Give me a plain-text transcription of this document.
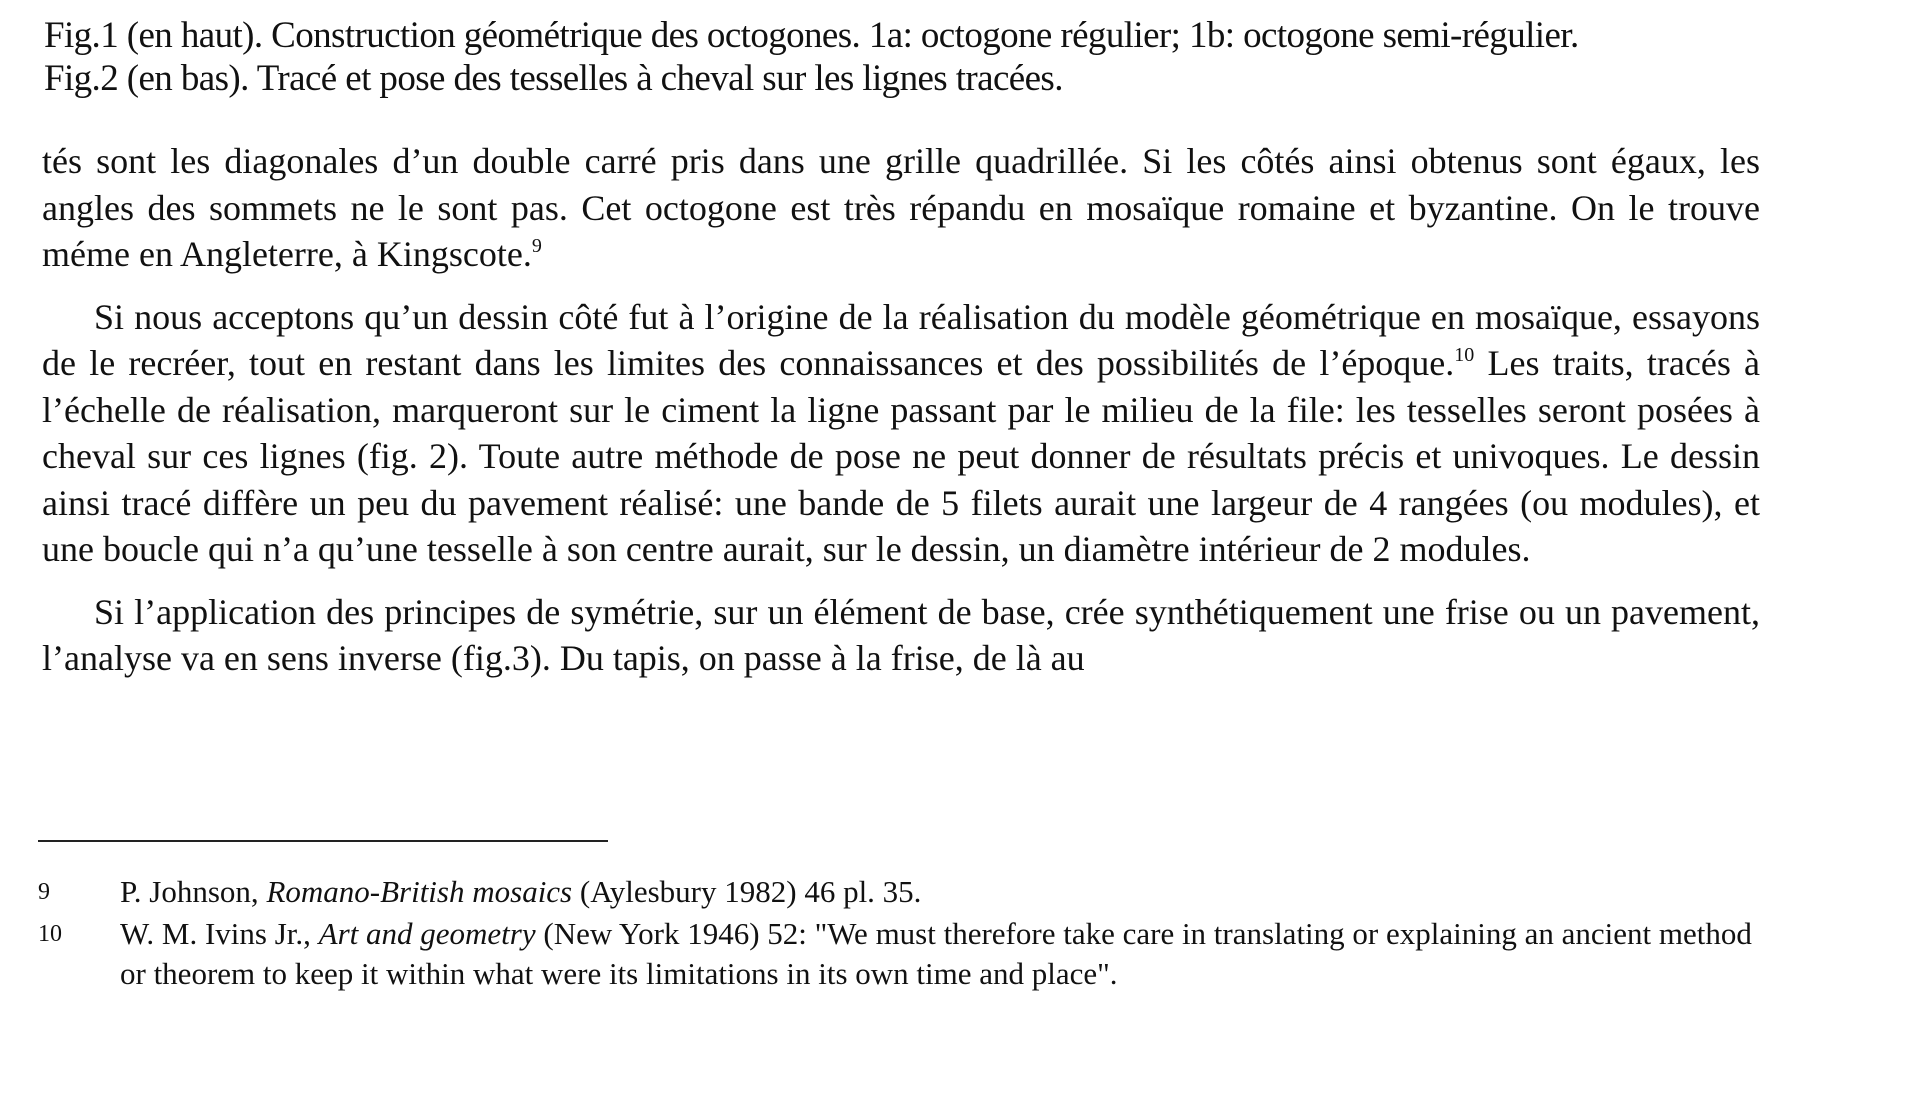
Fig.1 (en haut). Construction géométrique des octogones. 1a: octogone régulier; 1b: octogone semi-régulier.

Fig.2 (en bas). Tracé et pose des tesselles à cheval sur les lignes tracées.

tés sont les diagonales d’un double carré pris dans une grille quadrillée. Si les côtés ainsi obtenus sont égaux, les angles des sommets ne le sont pas. Cet octogone est très répandu en mosaïque romaine et byzantine. On le trouve méme en Angleterre, à Kingscote.$^9$

Si nous acceptons qu’un dessin côté fut à l’origine de la réalisation du modèle géométrique en mosaïque, essayons de le recréer, tout en restant dans les limites des connaissances et des possibilités de l’époque.$^{10}$ Les traits, tracés à l’échelle de réalisation, marqueront sur le ciment la ligne passant par le milieu de la file: les tesselles seront posées à cheval sur ces lignes (fig. 2). Toute autre méthode de pose ne peut donner de résultats précis et univoques. Le dessin ainsi tracé diffère un peu du pavement réalisé: une bande de 5 filets aurait une largeur de 4 rangées (ou modules), et une boucle qui n’a qu’une tesselle à son centre aurait, sur le dessin, un diamètre intérieur de 2 modules.

Si l’application des principes de symétrie, sur un élément de base, crée synthétiquement une frise ou un pavement, l’analyse va en sens inverse (fig.3). Du tapis, on passe à la frise, de là au

9	P. Johnson, Romano-British mosaics (Aylesbury 1982) 46 pl. 35.
10	W. M. Ivins Jr., Art and geometry (New York 1946) 52: "We must therefore take care in translating or explaining an ancient method or theorem to keep it within what were its limitations in its own time and place".
